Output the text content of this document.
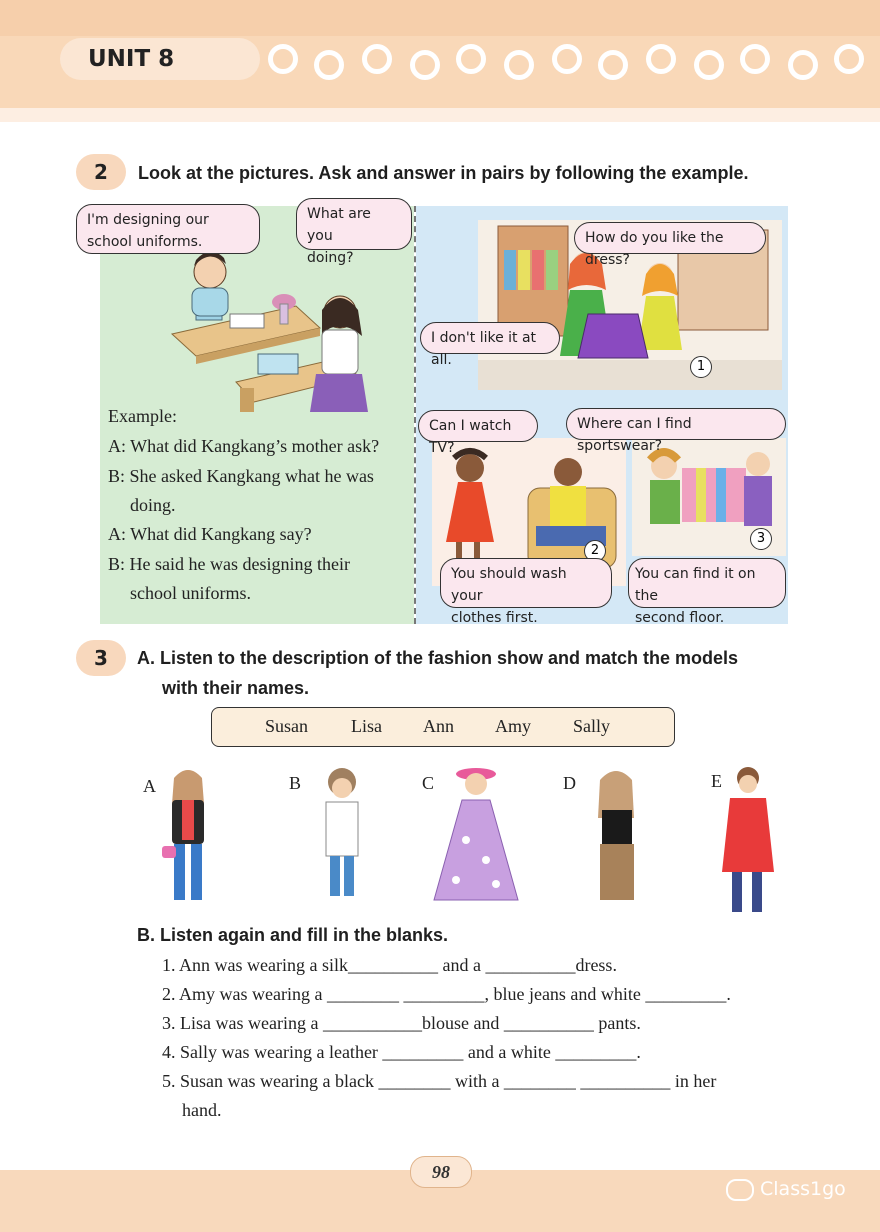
UNIT 8
2	Look at the pictures. Ask and answer in pairs by following the example.
Example:
A: What did Kangkang’s mother ask?
B: She asked Kangkang what he was
doing.
A: What did Kangkang say?
B: He said he was designing their
school uniforms.
1
2
3
I'm designing our
school uniforms.
What are you
doing?
How do you like the dress?
I don't like it at all.
Can I watch TV?
Where can I find sportswear?
You should wash your
clothes first.
You can find it on the
second floor.
3	A. Listen to the description of the fashion show and match the models
with their names.
Susan Lisa Ann Amy Sally
A	B	C	D	E
B. Listen again and fill in the blanks.
1. Ann was wearing a silk__________ and a __________dress.
2. Amy was wearing a ________ _________, blue jeans and white _________.
3. Lisa was wearing a ___________blouse and __________ pants.
4. Sally was wearing a leather _________ and a white _________.
5. Susan was wearing a black ________ with a ________ __________ in her
hand.
98
Class1go
